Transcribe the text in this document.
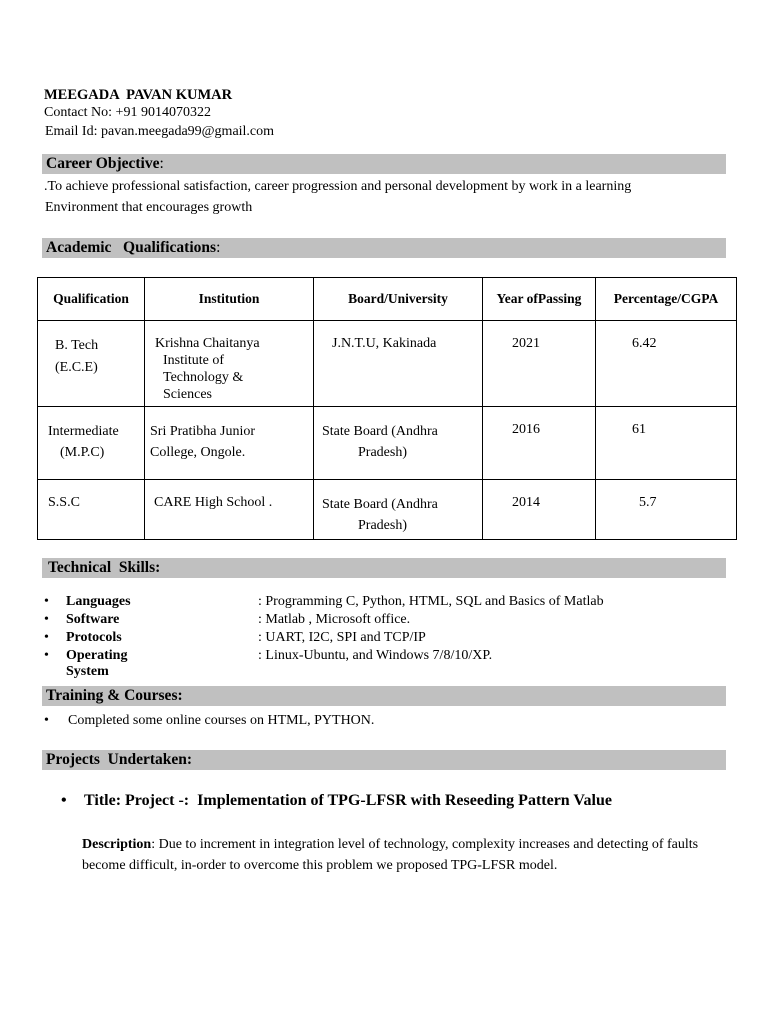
MEEGADA  PAVAN KUMAR
Contact No: +91 9014070322
Email Id: pavan.meegada99@gmail.com
Career Objective:
.To achieve professional satisfaction, career progression and personal development by work in a learning
Environment that encourages growth
Academic   Qualifications:
Qualification	Institution	Board/University	Year ofPassing	Percentage/CGPA

B. Tech
(E.C.E)	Krishna Chaitanya
Institute of
Technology &
Sciences	J.N.T.U, Kakinada	2021	6.42

Intermediate
(M.P.C)	Sri Pratibha Junior
College, Ongole.	State Board (Andhra
Pradesh)	2016	61

S.S.C	CARE High School .	State Board (Andhra
Pradesh)	2014	5.7
Technical  Skills:
• Languages	: Programming C, Python, HTML, SQL and Basics of Matlab
• Software	: Matlab , Microsoft office.
• Protocols	: UART, I2C, SPI and TCP/IP
• Operating System
: Linux-Ubuntu, and Windows 7/8/10/XP.
Training & Courses:
• Completed some online courses on HTML, PYTHON.
Projects  Undertaken:
• Title: Project -:  Implementation of TPG-LFSR with Reseeding Pattern Value
Description: Due to increment in integration level of technology, complexity increases and detecting of faults become difficult, in-order to overcome this problem we proposed TPG-LFSR model.
